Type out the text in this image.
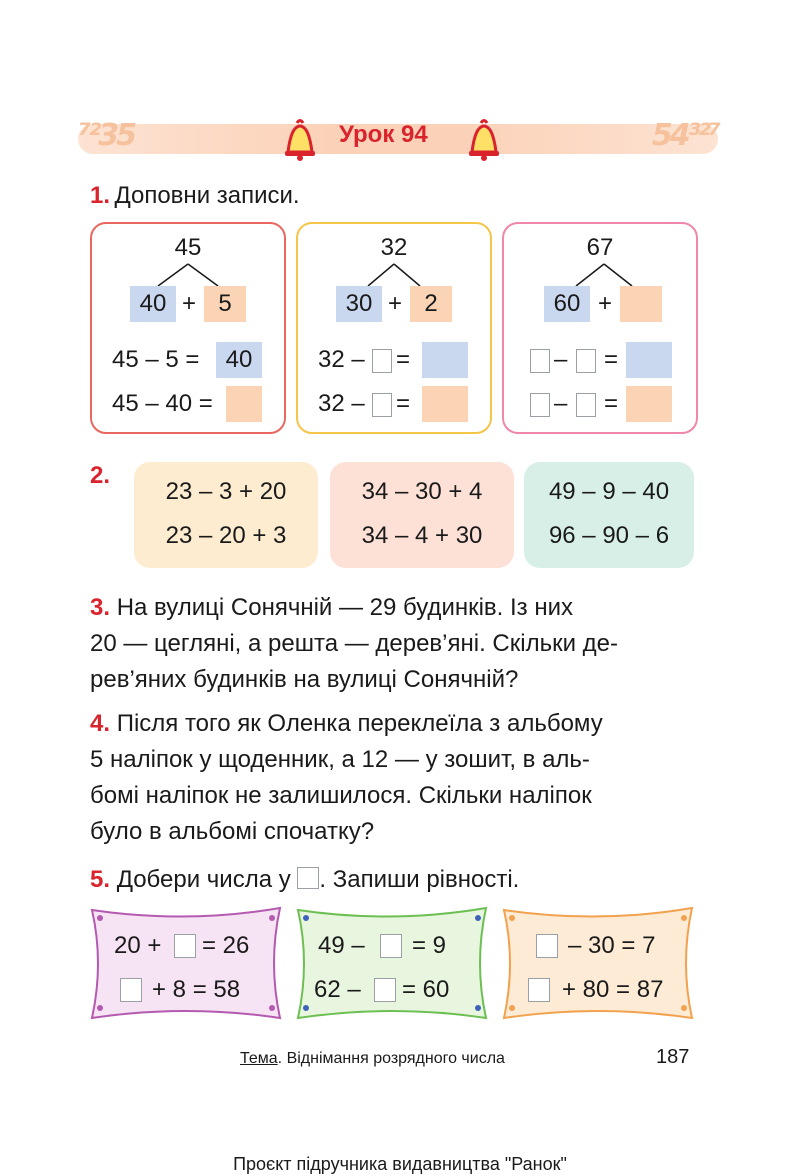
⁷²35	54³²⁷
Урок 94
1. Доповни записи.
45
40 + 5
45 – 5 =	40
45 – 40 =
32
30 + 2
32 – =
32 – =
67
60 +
– =
– =
2.
23 – 3 + 20
23 – 20 + 3
34 – 30 + 4
34 – 4 + 30
49 – 9 – 40
96 – 90 – 6
3. На вулиці Сонячній — 29 будинків. Із них
20 — цегляні, а решта — дерев’яні. Скільки де-
рев’яних будинків на вулиці Сонячній?
4. Після того як Оленка переклеїла з альбому
5 наліпок у щоденник, а 12 — у зошит, в аль-
бомі наліпок не залишилося. Скільки наліпок
було в альбомі спочатку?
5. Добери числа у . Запиши рівності.
20 + = 26
+ 8 = 58
49 – = 9
62 – = 60
– 30 = 7
+ 80 = 87
Тема. Віднімання розрядного числа	187
Проєкт підручника видавництва "Ранок"
